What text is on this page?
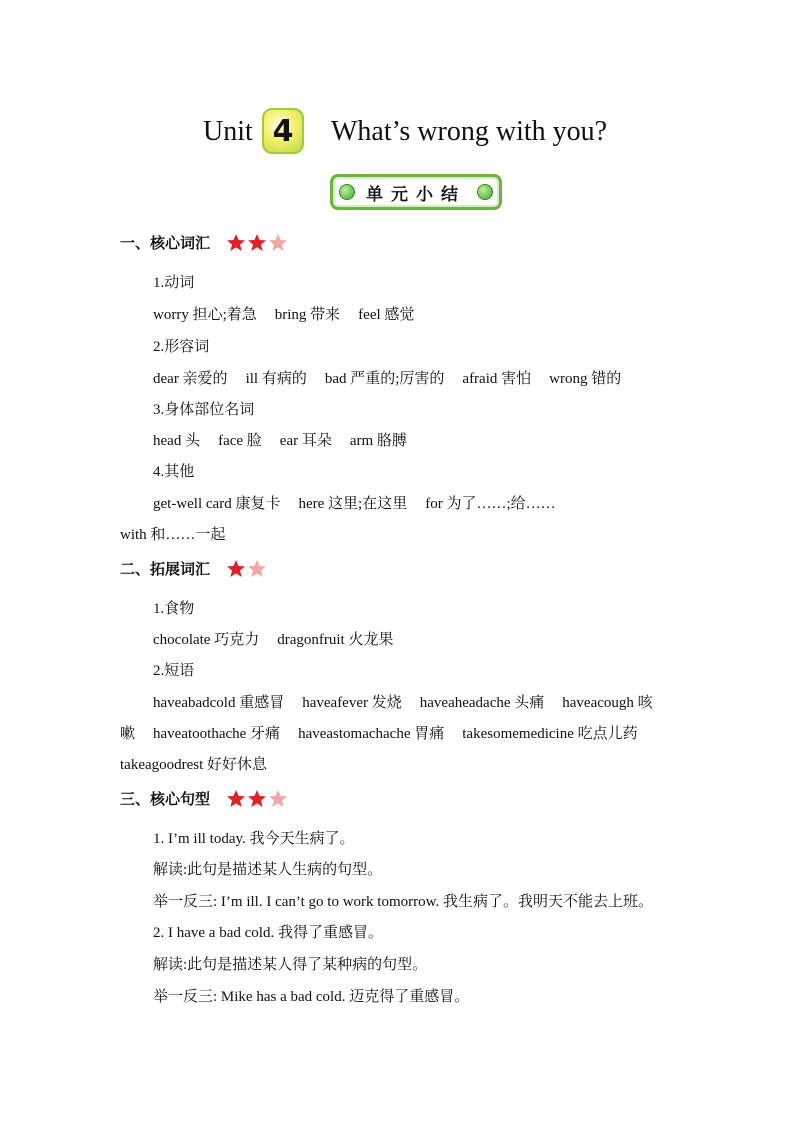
Unit 4	What’s wrong with you?
单元小结
一、核心词汇
1.动词
worry 担心;着急 bring 带来 feel 感觉
2.形容词
dear 亲爱的 ill 有病的 bad 严重的;厉害的 afraid 害怕 wrong 错的
3.身体部位名词
head 头 face 脸 ear 耳朵 arm 胳膊
4.其他
get-well card 康复卡 here 这里;在这里 for 为了……;给……
with 和……一起
二、拓展词汇
1.食物
chocolate 巧克力 dragonfruit 火龙果
2.短语
haveabadcold 重感冒 haveafever 发烧 haveaheadache 头痛 haveacough 咳
嗽 haveatoothache 牙痛 haveastomachache 胃痛 takesomemedicine 吃点儿药
takeagoodrest 好好休息
三、核心句型
1. I’m ill today. 我今天生病了。
解读:此句是描述某人生病的句型。
举一反三: I’m ill. I can’t go to work tomorrow. 我生病了。我明天不能去上班。
2. I have a bad cold. 我得了重感冒。
解读:此句是描述某人得了某种病的句型。
举一反三: Mike has a bad cold. 迈克得了重感冒。
